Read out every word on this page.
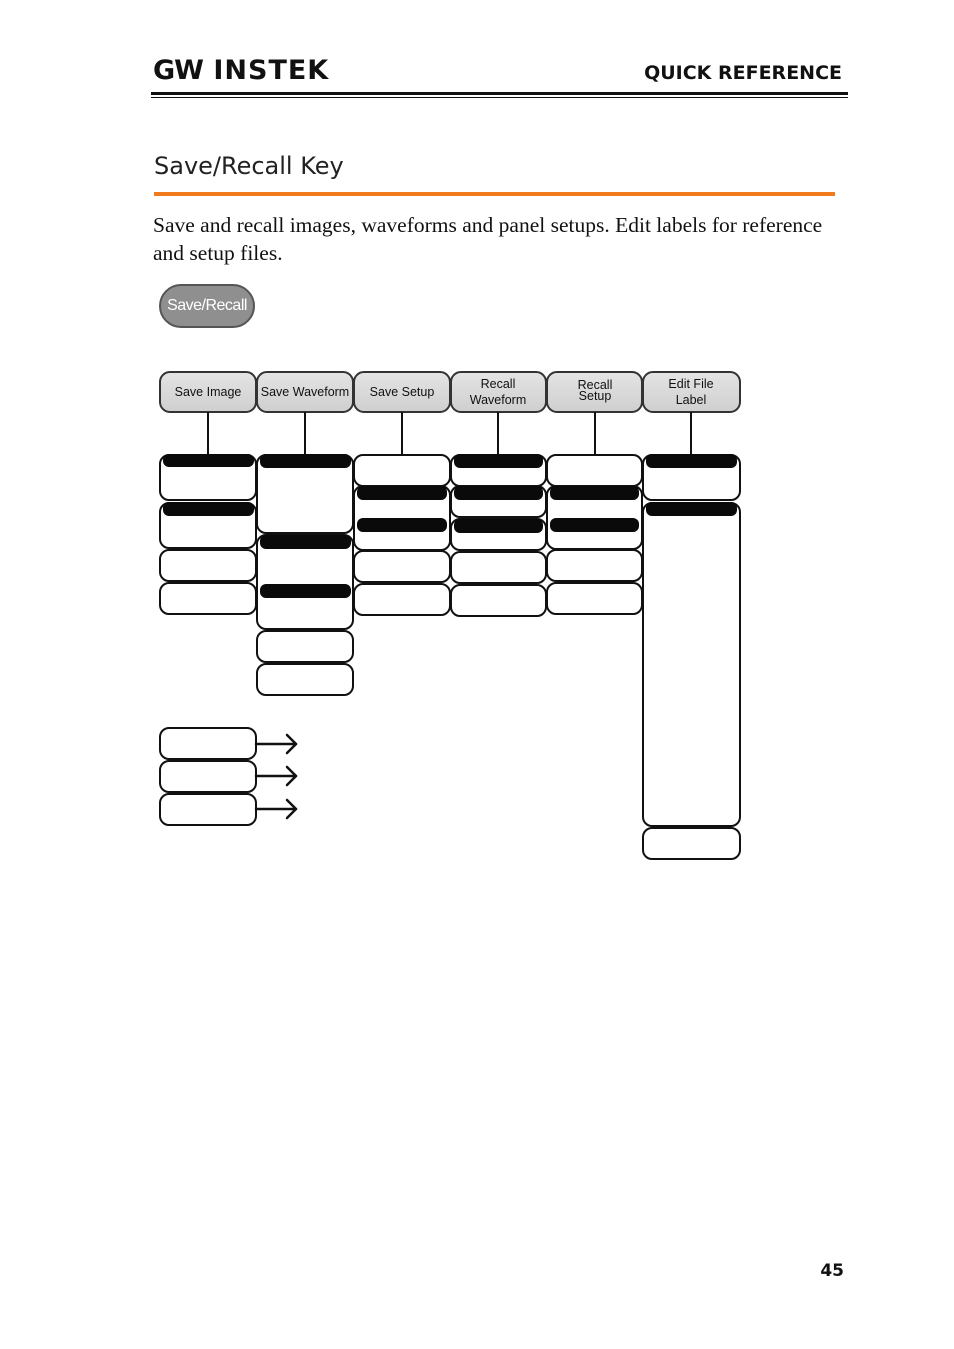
GW INSTEK	QUICK REFERENCE
Save/Recall Key
Save and recall images, waveforms and panel setups. Edit labels for reference and setup files.
Save/Recall
Save Image Save Waveform Save Setup
Recall
Waveform
Recall
Setup
Edit File
Label
45
